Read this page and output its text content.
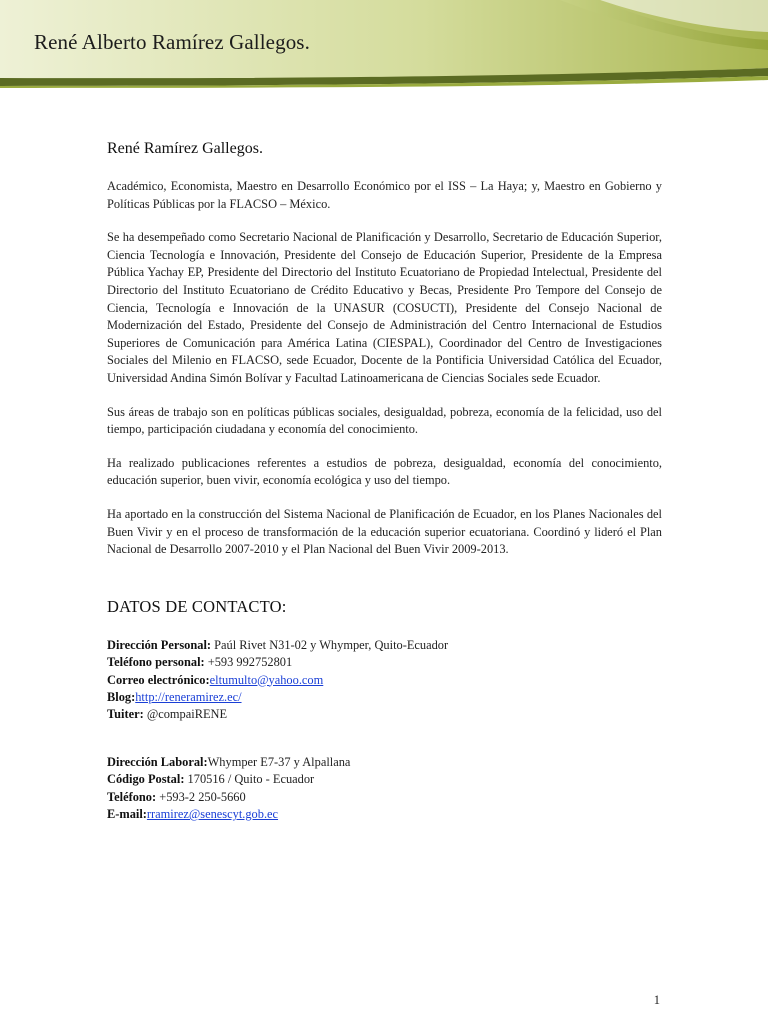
René Alberto Ramírez Gallegos.
René Ramírez Gallegos.

Académico, Economista, Maestro en Desarrollo Económico por el ISS – La Haya; y, Maestro en Gobierno y Políticas Públicas por la FLACSO – México.

Se ha desempeñado como Secretario Nacional de Planificación y Desarrollo, Secretario de Educación Superior, Ciencia Tecnología e Innovación, Presidente del Consejo de Educación Superior, Presidente de la Empresa Pública Yachay EP, Presidente del Directorio del Instituto Ecuatoriano de Propiedad Intelectual, Presidente del Directorio del Instituto Ecuatoriano de Crédito Educativo y Becas, Presidente Pro Tempore del Consejo de Ciencia, Tecnología e Innovación de la UNASUR (COSUCTI), Presidente del Consejo Nacional de Modernización del Estado, Presidente del Consejo de Administración del Centro Internacional de Estudios Superiores de Comunicación para América Latina (CIESPAL), Coordinador del Centro de Investigaciones Sociales del Milenio en FLACSO, sede Ecuador, Docente de la Pontificia Universidad Católica del Ecuador, Universidad Andina Simón Bolívar y Facultad Latinoamericana de Ciencias Sociales sede Ecuador.

Sus áreas de trabajo son en políticas públicas sociales, desigualdad, pobreza, economía de la felicidad, uso del tiempo, participación ciudadana y economía del conocimiento.

Ha realizado publicaciones referentes a estudios de pobreza, desigualdad, economía del conocimiento, educación superior, buen vivir, economía ecológica y uso del tiempo.

Ha aportado en la construcción del Sistema Nacional de Planificación de Ecuador, en los Planes Nacionales del Buen Vivir y en el proceso de transformación de la educación superior ecuatoriana. Coordinó y lideró el Plan Nacional de Desarrollo 2007-2010 y el Plan Nacional del Buen Vivir 2009-2013.

DATOS DE CONTACTO:
Dirección Personal: Paúl Rivet N31-02 y Whymper, Quito-Ecuador
Teléfono personal: +593 992752801
Correo electrónico:eltumulto@yahoo.com
Blog:http://reneramirez.ec/
Tuiter: @compaiRENE
Dirección Laboral:Whymper E7-37 y Alpallana
Código Postal: 170516 / Quito - Ecuador
Teléfono: +593-2 250-5660
E-mail:rramirez@senescyt.gob.ec
1
